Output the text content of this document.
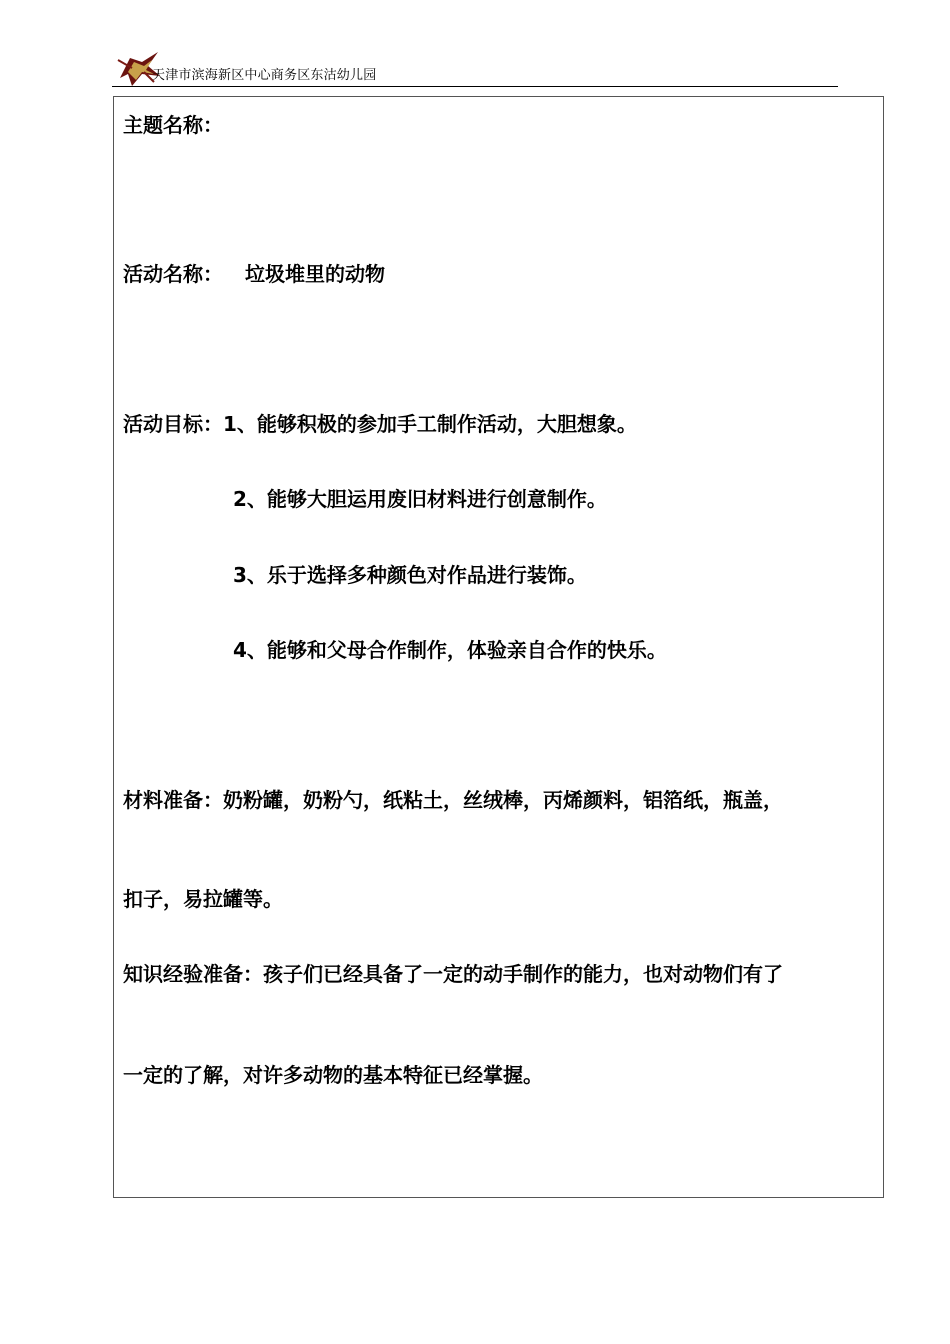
天津市滨海新区中心商务区东沽幼儿园
主题名称：
活动名称： 垃圾堆里的动物
活动目标：1、能够积极的参加手工制作活动，大胆想象。
2、能够大胆运用废旧材料进行创意制作。
3、乐于选择多种颜色对作品进行装饰。
4、能够和父母合作制作，体验亲自合作的快乐。
材料准备：奶粉罐，奶粉勺，纸粘土，丝绒棒，丙烯颜料，铝箔纸，瓶盖，
扣子，易拉罐等。
知识经验准备：孩子们已经具备了一定的动手制作的能力，也对动物们有了
一定的了解，对许多动物的基本特征已经掌握。
